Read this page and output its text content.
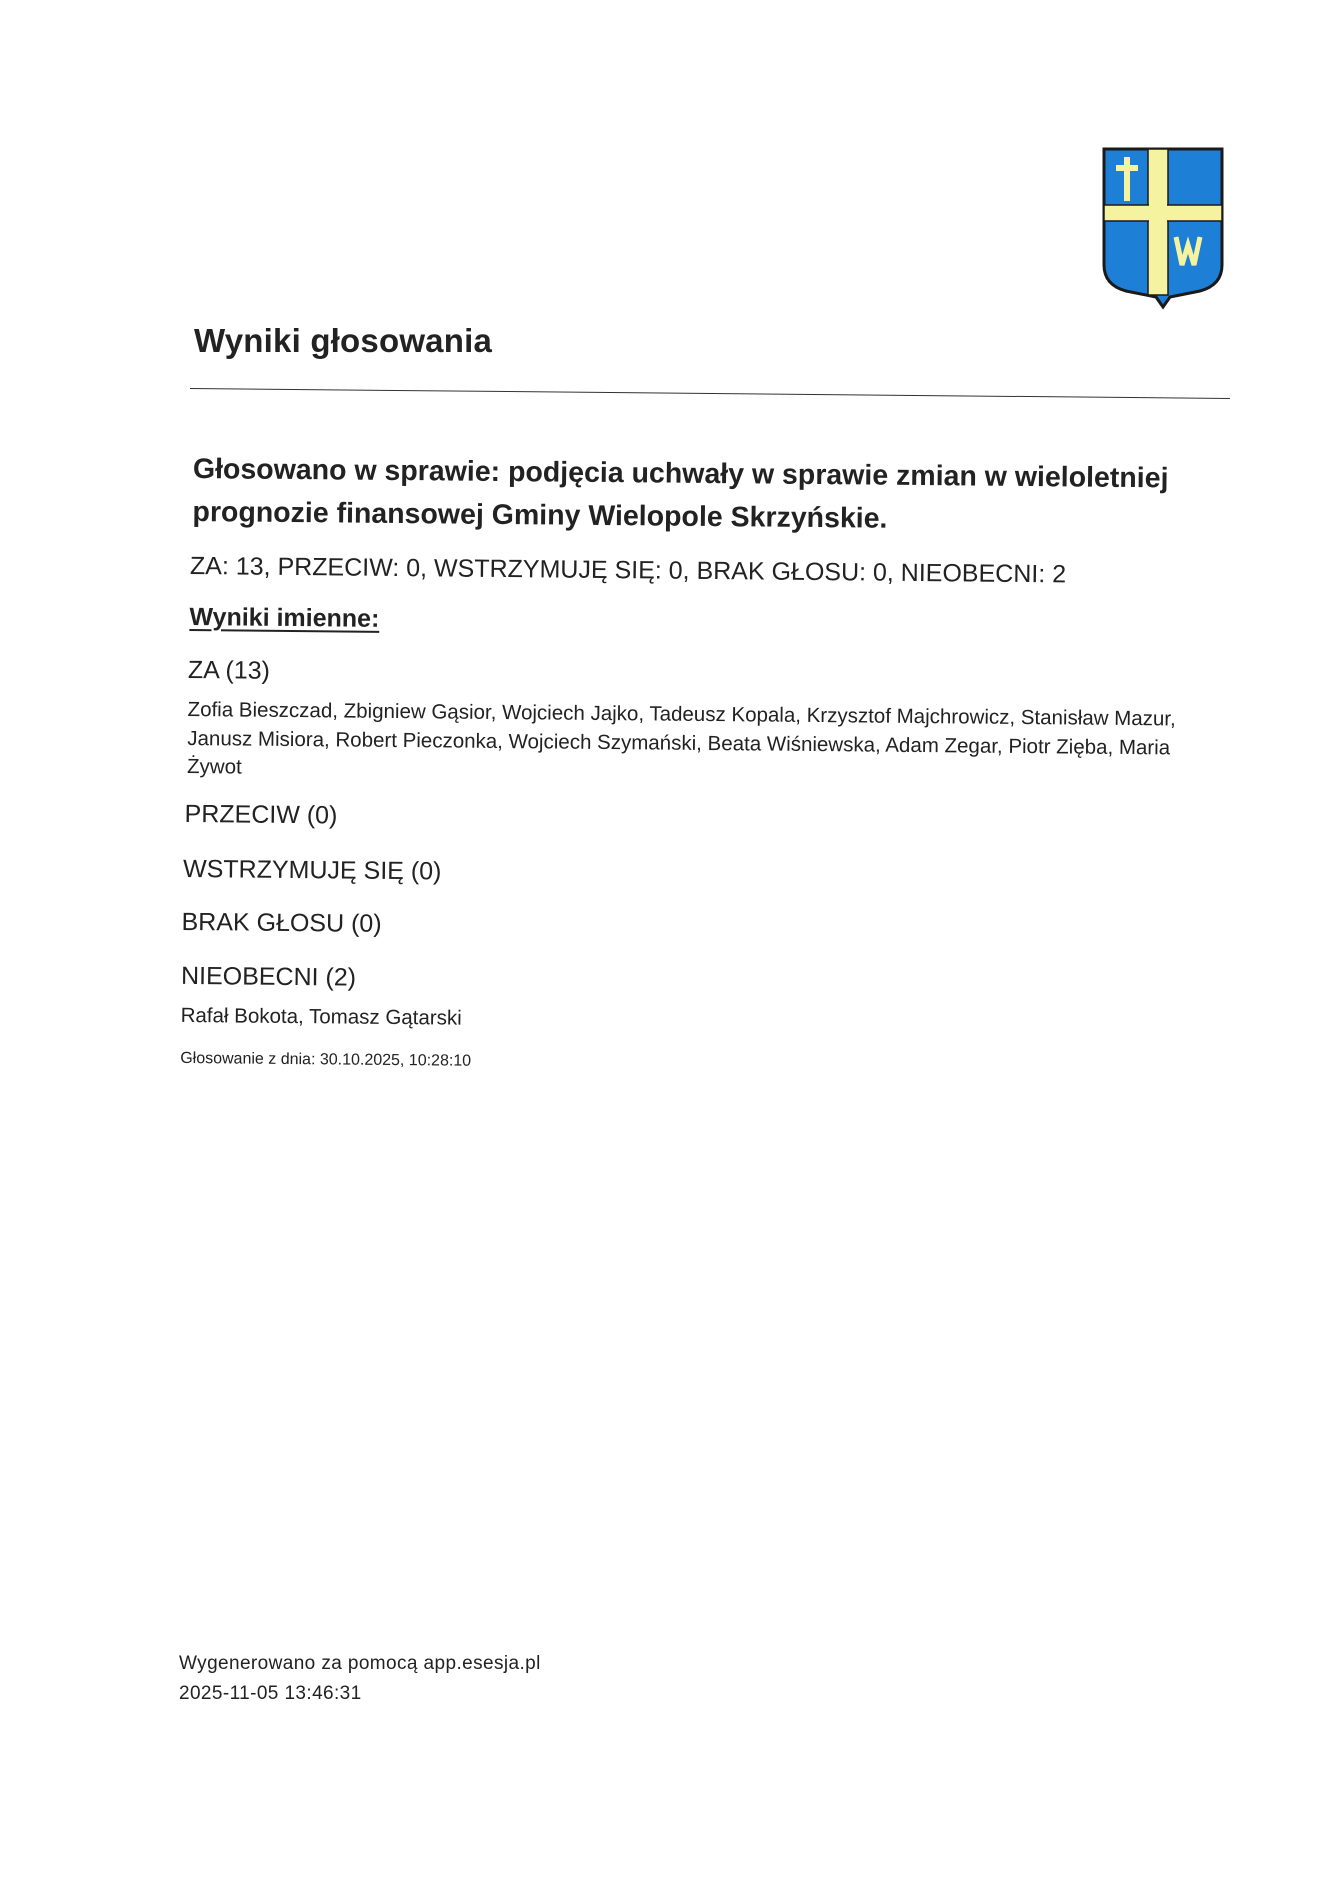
Wyniki głosowania
Głosowano w sprawie: podjęcia uchwały w sprawie zmian w wieloletniej prognozie finansowej Gminy Wielopole Skrzyńskie.
ZA: 13, PRZECIW: 0, WSTRZYMUJĘ SIĘ: 0, BRAK GŁOSU: 0, NIEOBECNI: 2
Wyniki imienne:
ZA (13)
Zofia Bieszczad, Zbigniew Gąsior, Wojciech Jajko, Tadeusz Kopala, Krzysztof Majchrowicz, Stanisław Mazur, Janusz Misiora, Robert Pieczonka, Wojciech Szymański, Beata Wiśniewska, Adam Zegar, Piotr Zięba, Maria Żywot
PRZECIW (0)
WSTRZYMUJĘ SIĘ (0)
BRAK GŁOSU (0)
NIEOBECNI (2)
Rafał Bokota, Tomasz Gątarski
Głosowanie z dnia: 30.10.2025, 10:28:10
Wygenerowano za pomocą app.esesja.pl
2025-11-05 13:46:31
